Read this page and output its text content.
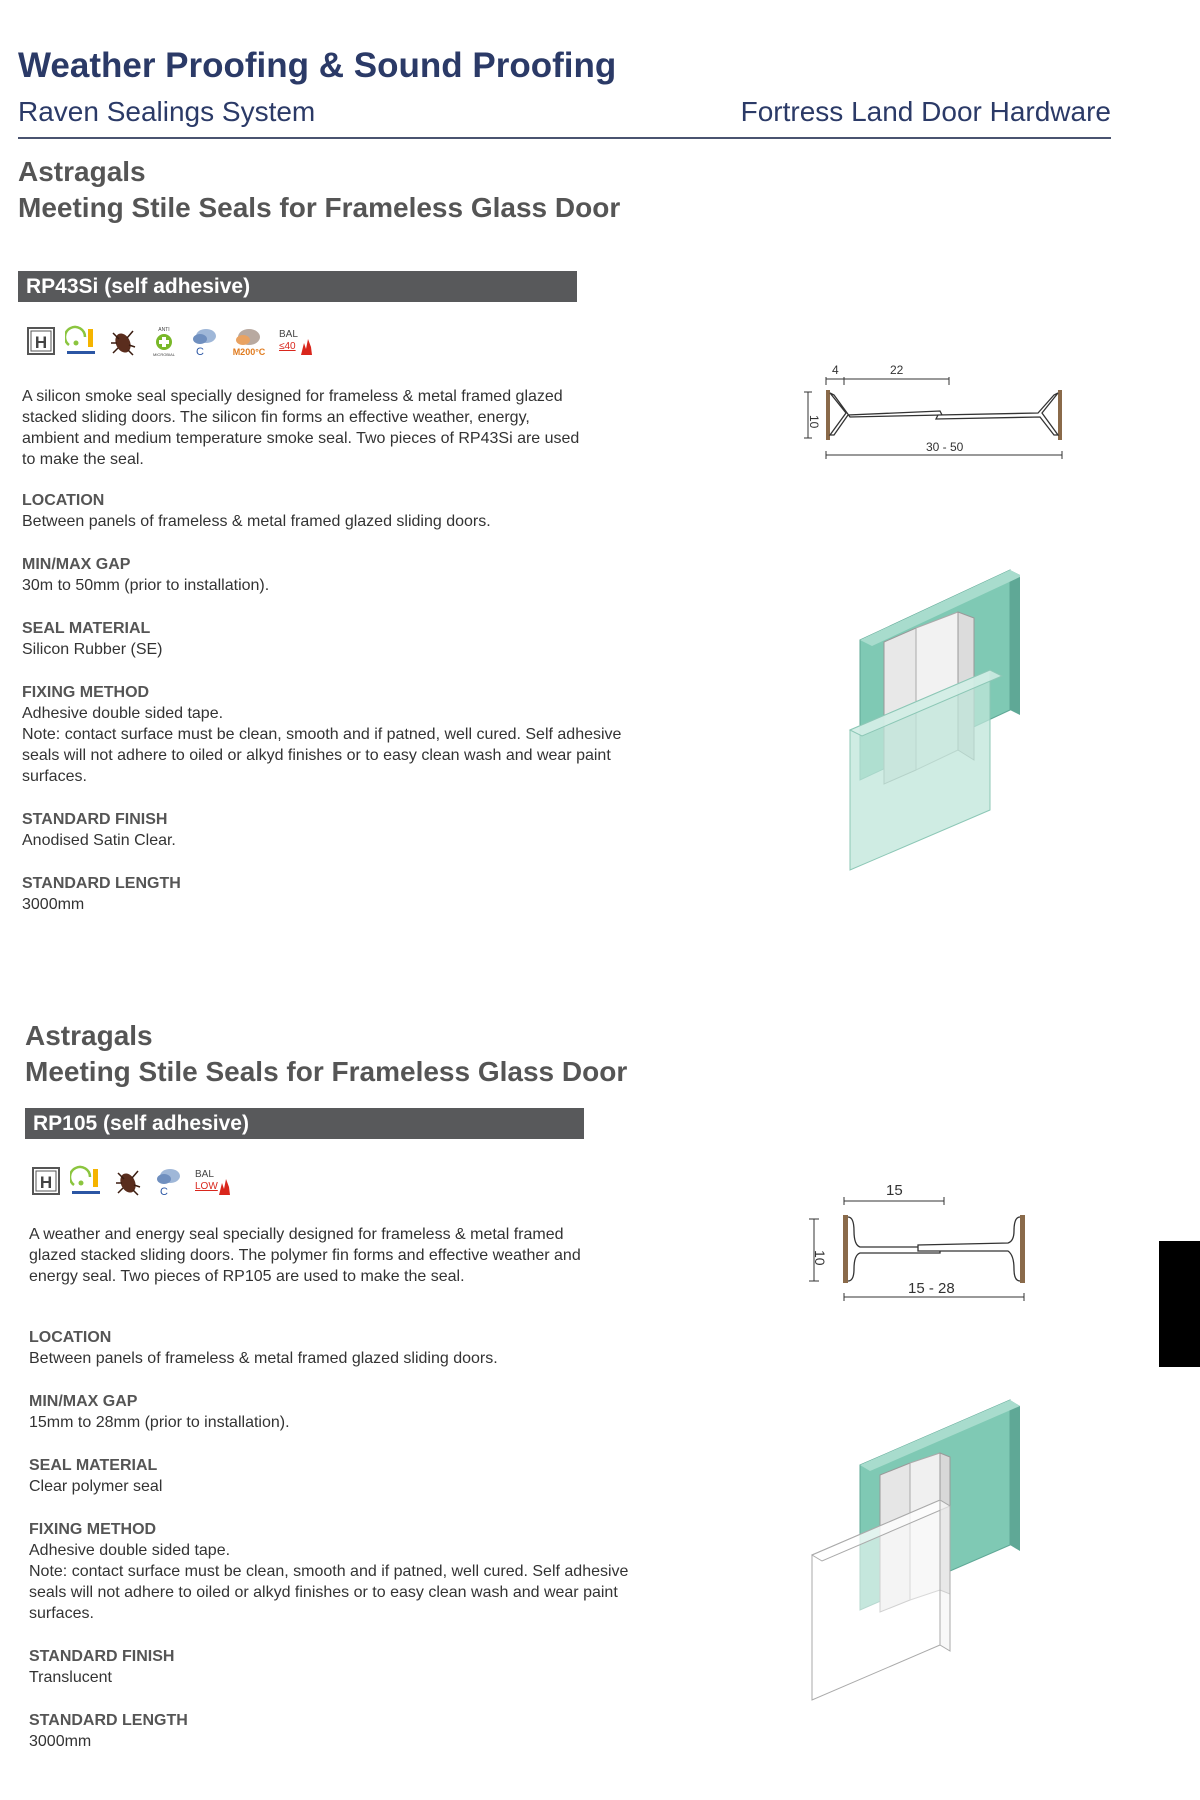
Weather Proofing & Sound Proofing
Raven Sealings System	Fortress Land Door Hardware
Astragals
Meeting Stile Seals for Frameless Glass Door
RP43Si (self adhesive)
H
ANTI
MICROBIAL C	M200°C
BAL
≤40
A silicon smoke seal specially designed for frameless & metal framed glazed stacked sliding doors. The silicon fin forms an effective weather, energy, ambient and medium temperature smoke seal. Two pieces of RP43Si are used to make the seal.
LOCATION
Between panels of frameless & metal framed glazed sliding doors.
MIN/MAX GAP
30m to 50mm (prior to installation).
SEAL MATERIAL
Silicon Rubber (SE)
FIXING METHOD
Adhesive double sided tape.
Note: contact surface must be clean, smooth and if patned, well cured. Self adhesive seals will not adhere to oiled or alkyd finishes or to easy clean wash and wear paint surfaces.
STANDARD FINISH
Anodised Satin Clear.
STANDARD LENGTH
3000mm
4	22
10
30 - 50
Astragals
Meeting Stile Seals for Frameless Glass Door
RP105 (self adhesive)
H	C
BAL
LOW
A weather and energy seal specially designed for frameless & metal framed glazed stacked sliding doors. The polymer fin forms and effective weather and energy seal. Two pieces of RP105 are used to make the seal.
LOCATION
Between panels of frameless & metal framed glazed sliding doors.
MIN/MAX GAP
15mm to 28mm (prior to installation).
SEAL MATERIAL
Clear polymer seal
FIXING METHOD
Adhesive double sided tape.
Note: contact surface must be clean, smooth and if patned, well cured. Self adhesive seals will not adhere to oiled or alkyd finishes or to easy clean wash and wear paint surfaces.
STANDARD FINISH
Translucent
STANDARD LENGTH
3000mm
15
10
15 - 28
